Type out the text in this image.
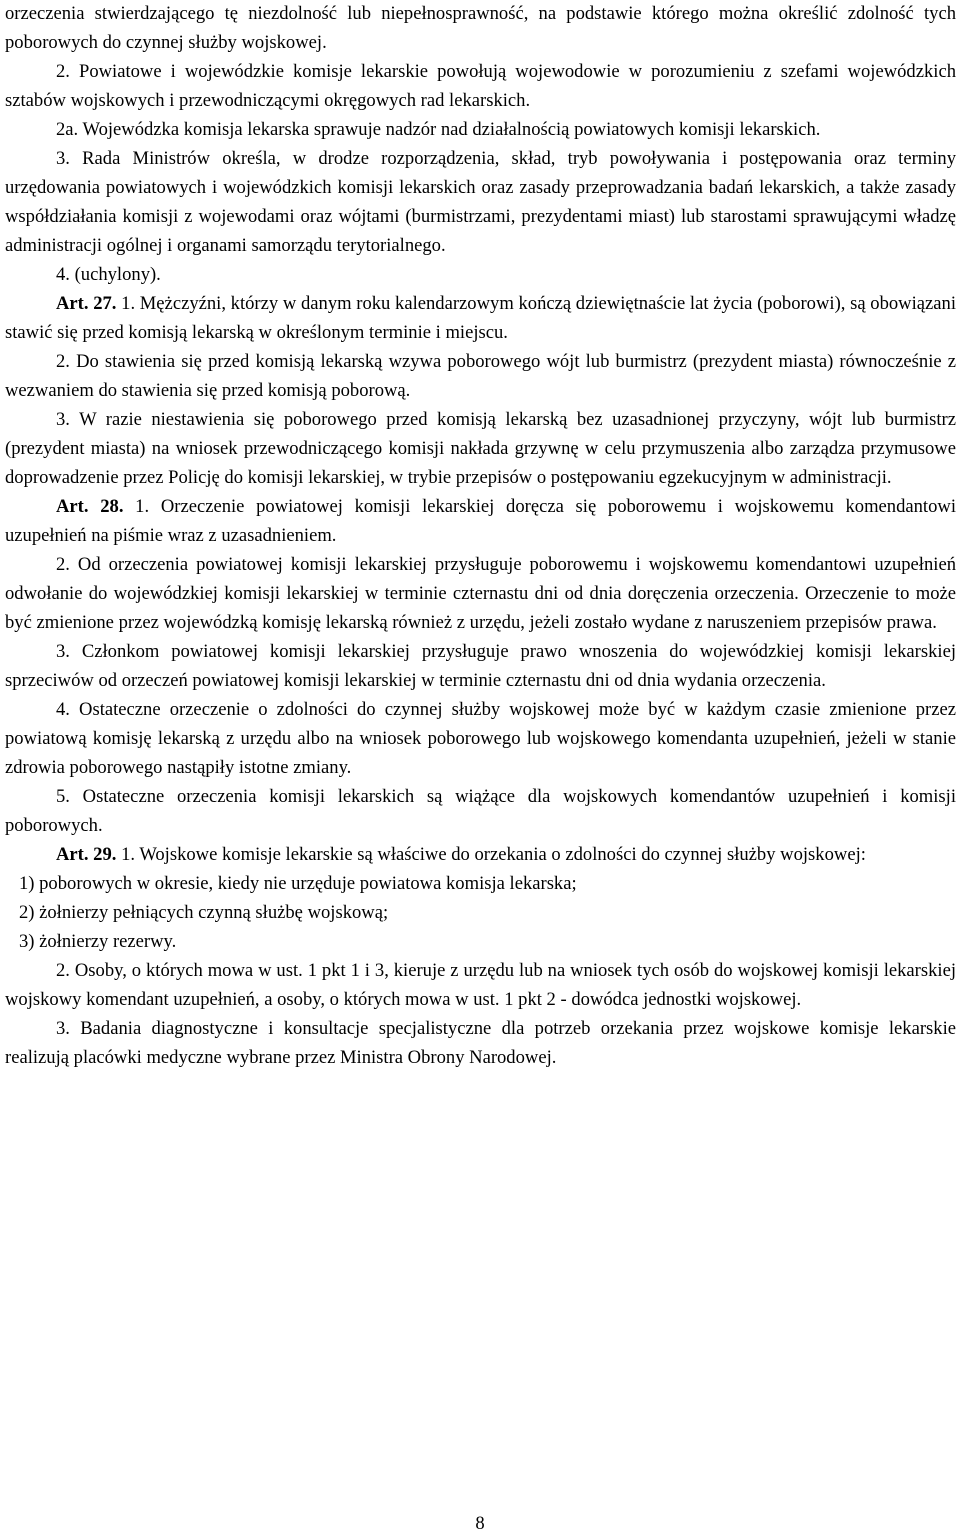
orzeczenia stwierdzającego tę niezdolność lub niepełnosprawność, na podstawie którego można określić zdolność tych poborowych do czynnej służby wojskowej.

2. Powiatowe i wojewódzkie komisje lekarskie powołują wojewodowie w porozumieniu z szefami wojewódzkich sztabów wojskowych i przewodniczącymi okręgowych rad lekarskich.

2a. Wojewódzka komisja lekarska sprawuje nadzór nad działalnością powiatowych komisji lekarskich.

3. Rada Ministrów określa, w drodze rozporządzenia, skład, tryb powoływania i postępowania oraz terminy urzędowania powiatowych i wojewódzkich komisji lekarskich oraz zasady przeprowadzania badań lekarskich, a także zasady współdziałania komisji z wojewodami oraz wójtami (burmistrzami, prezydentami miast) lub starostami sprawującymi władzę administracji ogólnej i organami samorządu terytorialnego.

4. (uchylony).

Art. 27. 1. Mężczyźni, którzy w danym roku kalendarzowym kończą dziewiętnaście lat życia (poborowi), są obowiązani stawić się przed komisją lekarską w określonym terminie i miejscu.

2. Do stawienia się przed komisją lekarską wzywa poborowego wójt lub burmistrz (prezydent miasta) równocześnie z wezwaniem do stawienia się przed komisją poborową.

3. W razie niestawienia się poborowego przed komisją lekarską bez uzasadnionej przyczyny, wójt lub burmistrz (prezydent miasta) na wniosek przewodniczącego komisji nakłada grzywnę w celu przymuszenia albo zarządza przymusowe doprowadzenie przez Policję do komisji lekarskiej, w trybie przepisów o postępowaniu egzekucyjnym w administracji.

Art. 28. 1. Orzeczenie powiatowej komisji lekarskiej doręcza się poborowemu i wojskowemu komendantowi uzupełnień na piśmie wraz z uzasadnieniem.

2. Od orzeczenia powiatowej komisji lekarskiej przysługuje poborowemu i wojskowemu komendantowi uzupełnień odwołanie do wojewódzkiej komisji lekarskiej w terminie czternastu dni od dnia doręczenia orzeczenia. Orzeczenie to może być zmienione przez wojewódzką komisję lekarską również z urzędu, jeżeli zostało wydane z naruszeniem przepisów prawa.

3. Członkom powiatowej komisji lekarskiej przysługuje prawo wnoszenia do wojewódzkiej komisji lekarskiej sprzeciwów od orzeczeń powiatowej komisji lekarskiej w terminie czternastu dni od dnia wydania orzeczenia.

4. Ostateczne orzeczenie o zdolności do czynnej służby wojskowej może być w każdym czasie zmienione przez powiatową komisję lekarską z urzędu albo na wniosek poborowego lub wojskowego komendanta uzupełnień, jeżeli w stanie zdrowia poborowego nastąpiły istotne zmiany.

5. Ostateczne orzeczenia komisji lekarskich są wiążące dla wojskowych komendantów uzupełnień i komisji poborowych.

Art. 29. 1. Wojskowe komisje lekarskie są właściwe do orzekania o zdolności do czynnej służby wojskowej:

1) poborowych w okresie, kiedy nie urzęduje powiatowa komisja lekarska;

2) żołnierzy pełniących czynną służbę wojskową;

3) żołnierzy rezerwy.

2. Osoby, o których mowa w ust. 1 pkt 1 i 3, kieruje z urzędu lub na wniosek tych osób do wojskowej komisji lekarskiej wojskowy komendant uzupełnień, a osoby, o których mowa w ust. 1 pkt 2 - dowódca jednostki wojskowej.

3. Badania diagnostyczne i konsultacje specjalistyczne dla potrzeb orzekania przez wojskowe komisje lekarskie realizują placówki medyczne wybrane przez Ministra Obrony Narodowej.

8
